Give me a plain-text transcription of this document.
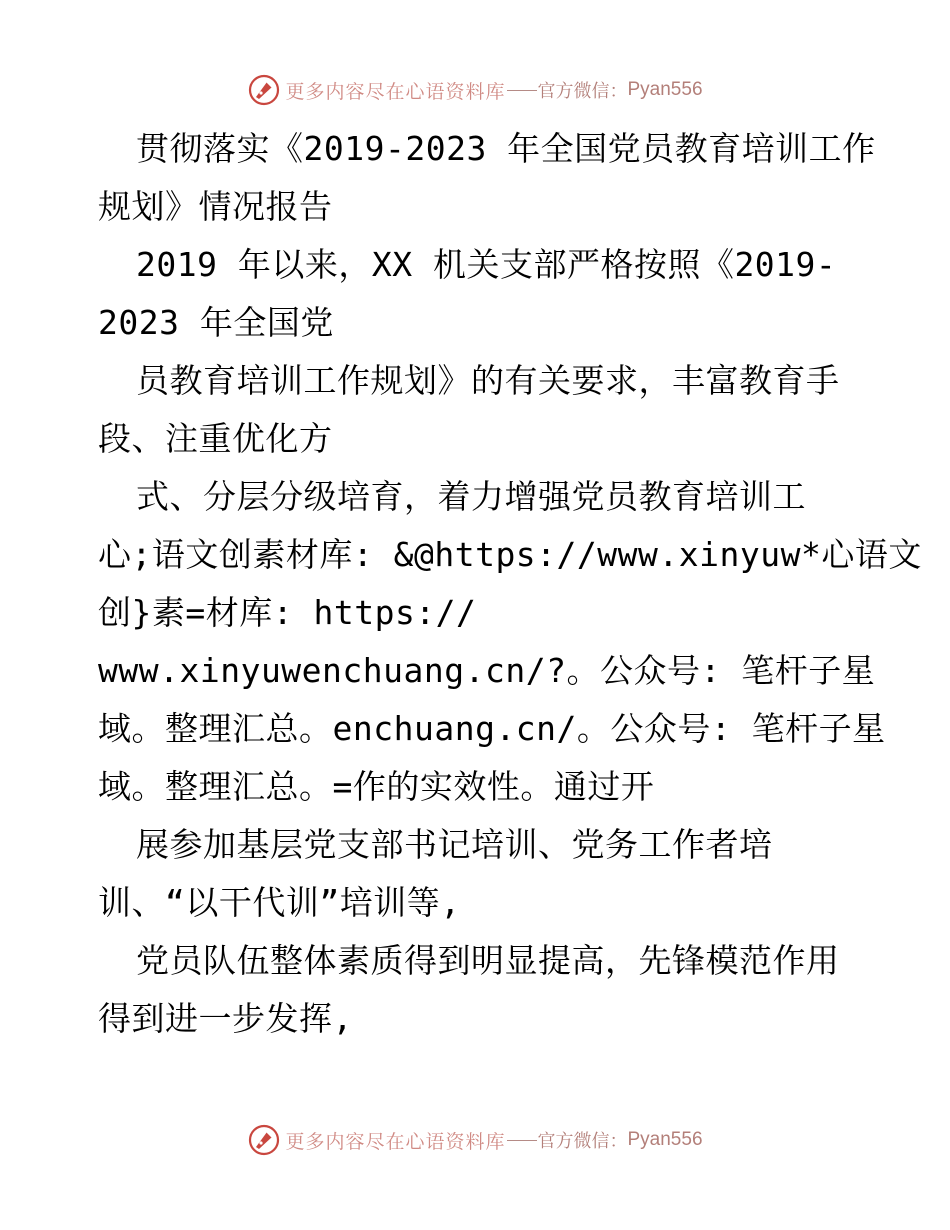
更多内容尽在心语资料库 官方微信： Pyan556
贯彻落实《2019-2023 年全国党员教育培训工作
规划》情况报告
2019 年以来，XX 机关支部严格按照《2019-
2023 年全国党
员教育培训工作规划》的有关要求，丰富教育手
段、注重优化方
式、分层分级培育，着力增强党员教育培训工
心;语文创素材库: &@https://www.xinyuw*心语文
创}素=材库: https://
www.xinyuwenchuang.cn/?。公众号: 笔杆子星
域。整理汇总。enchuang.cn/。公众号: 笔杆子星
域。整理汇总。=作的实效性。通过开
展参加基层党支部书记培训、党务工作者培
训、“以干代训”培训等,
党员队伍整体素质得到明显提高，先锋模范作用
得到进一步发挥,
更多内容尽在心语资料库 官方微信： Pyan556
